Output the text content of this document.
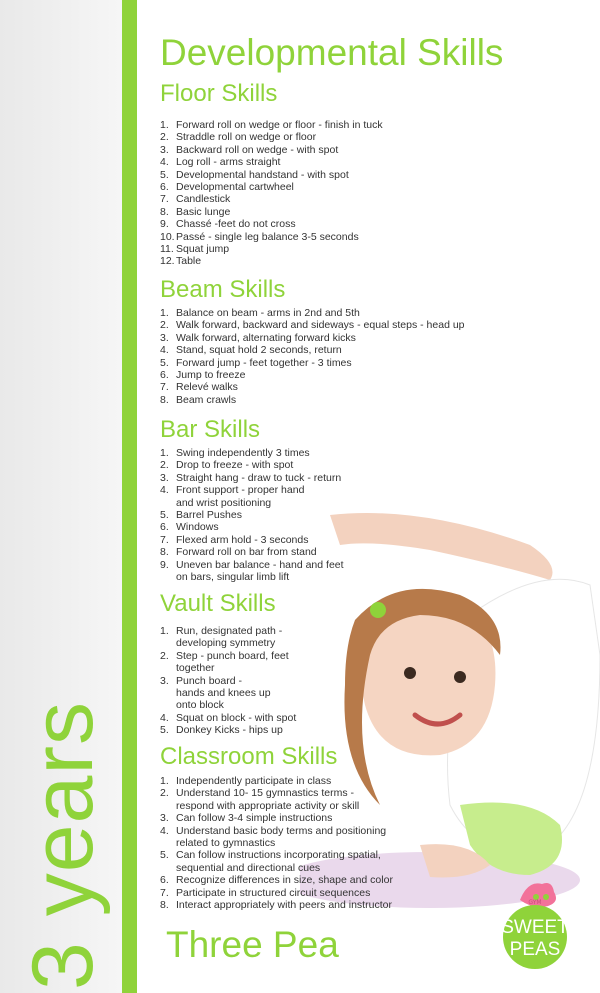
3 years
Developmental Skills
Floor Skills
1. Forward roll on wedge or floor - finish in tuck
2. Straddle roll on wedge or floor
3. Backward roll on wedge - with spot
4. Log roll - arms straight
5. Developmental handstand - with spot
6. Developmental cartwheel
7. Candlestick
8. Basic lunge
9. Chassé -feet do not cross
10. Passé - single leg balance 3-5 seconds
11. Squat jump
12. Table
Beam Skills
1. Balance on beam - arms in 2nd and 5th
2. Walk forward, backward and sideways - equal steps - head up
3. Walk forward, alternating forward kicks
4. Stand, squat hold 2 seconds, return
5. Forward jump - feet together - 3 times
6. Jump to freeze
7. Relevé walks
8. Beam crawls
Bar Skills
1. Swing independently 3 times
2. Drop to freeze - with spot
3. Straight hang - draw to tuck - return
4. Front support - proper hand
and wrist positioning
5. Barrel Pushes
6. Windows
7. Flexed arm hold - 3 seconds
8. Forward roll on bar from stand
9. Uneven bar balance - hand and feet
on bars, singular limb lift
Vault Skills
1. Run, designated path -
developing symmetry
2. Step - punch board, feet
together
3. Punch board -
hands and knees up
onto block
4. Squat on block - with spot
5. Donkey Kicks - hips up
Classroom Skills
1. Independently participate in class
2. Understand 10- 15 gymnastics terms -
respond with appropriate activity or skill
3. Can follow 3-4 simple instructions
4. Understand basic body terms and positioning
related to gymnastics
5. Can follow instructions incorporating spatial,
sequential and directional cues
6. Recognize differences in size, shape and color
7. Participate in structured circuit sequences
8. Interact appropriately with peers and instructor
Three Pea
GYM
SWEET
PEAS
